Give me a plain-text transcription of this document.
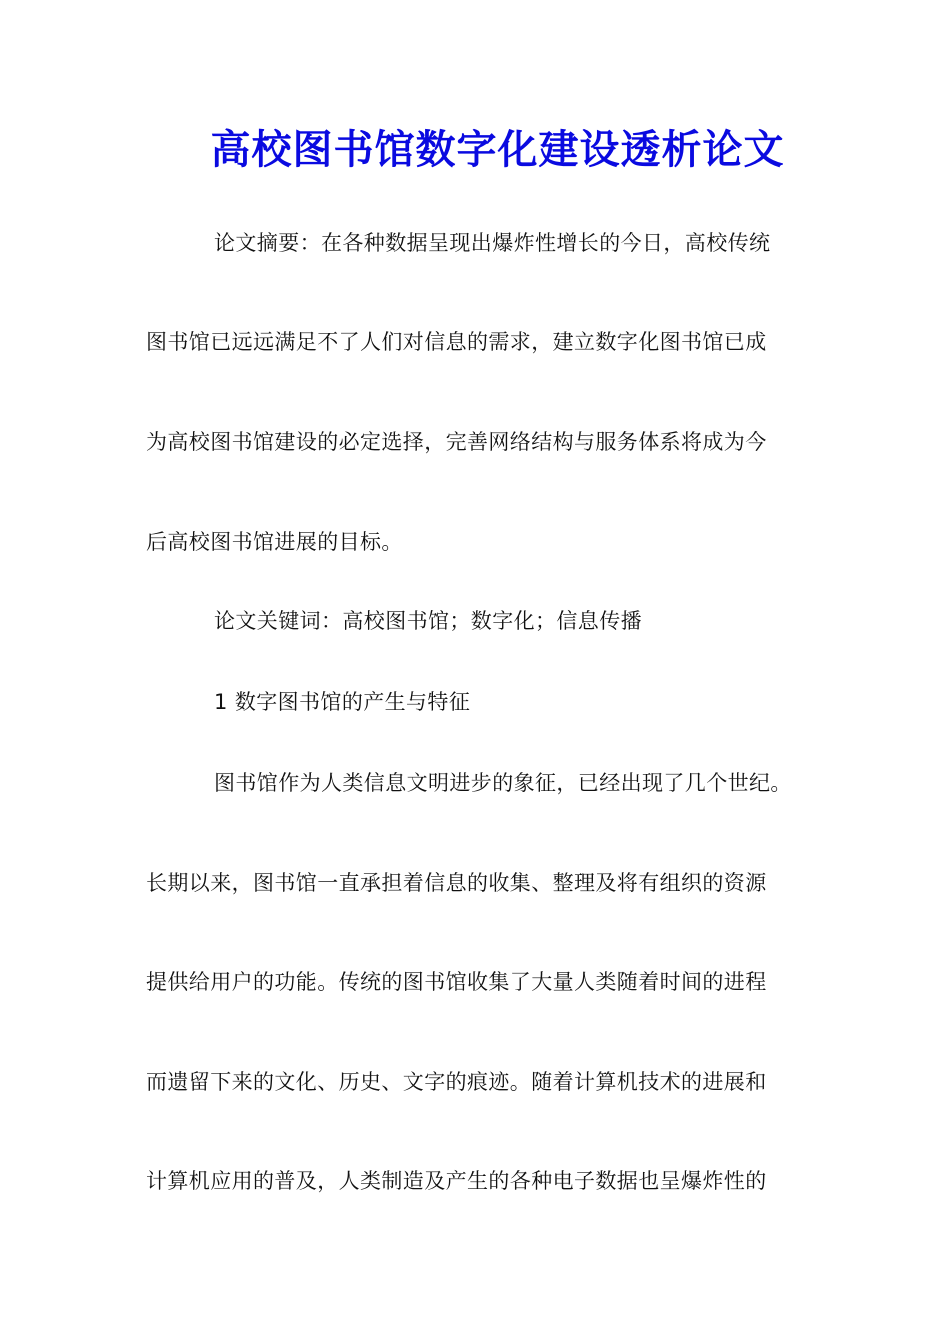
高校图书馆数字化建设透析论文
论文摘要：在各种数据呈现出爆炸性增长的今日，高校传统
图书馆已远远满足不了人们对信息的需求，建立数字化图书馆已成
为高校图书馆建设的必定选择，完善网络结构与服务体系将成为今
后高校图书馆进展的目标。
论文关键词：高校图书馆；数字化；信息传播
1 数字图书馆的产生与特征
图书馆作为人类信息文明进步的象征，已经出现了几个世纪。
长期以来，图书馆一直承担着信息的收集、整理及将有组织的资源
提供给用户的功能。传统的图书馆收集了大量人类随着时间的进程
而遗留下来的文化、历史、文字的痕迹。随着计算机技术的进展和
计算机应用的普及，人类制造及产生的各种电子数据也呈爆炸性的
